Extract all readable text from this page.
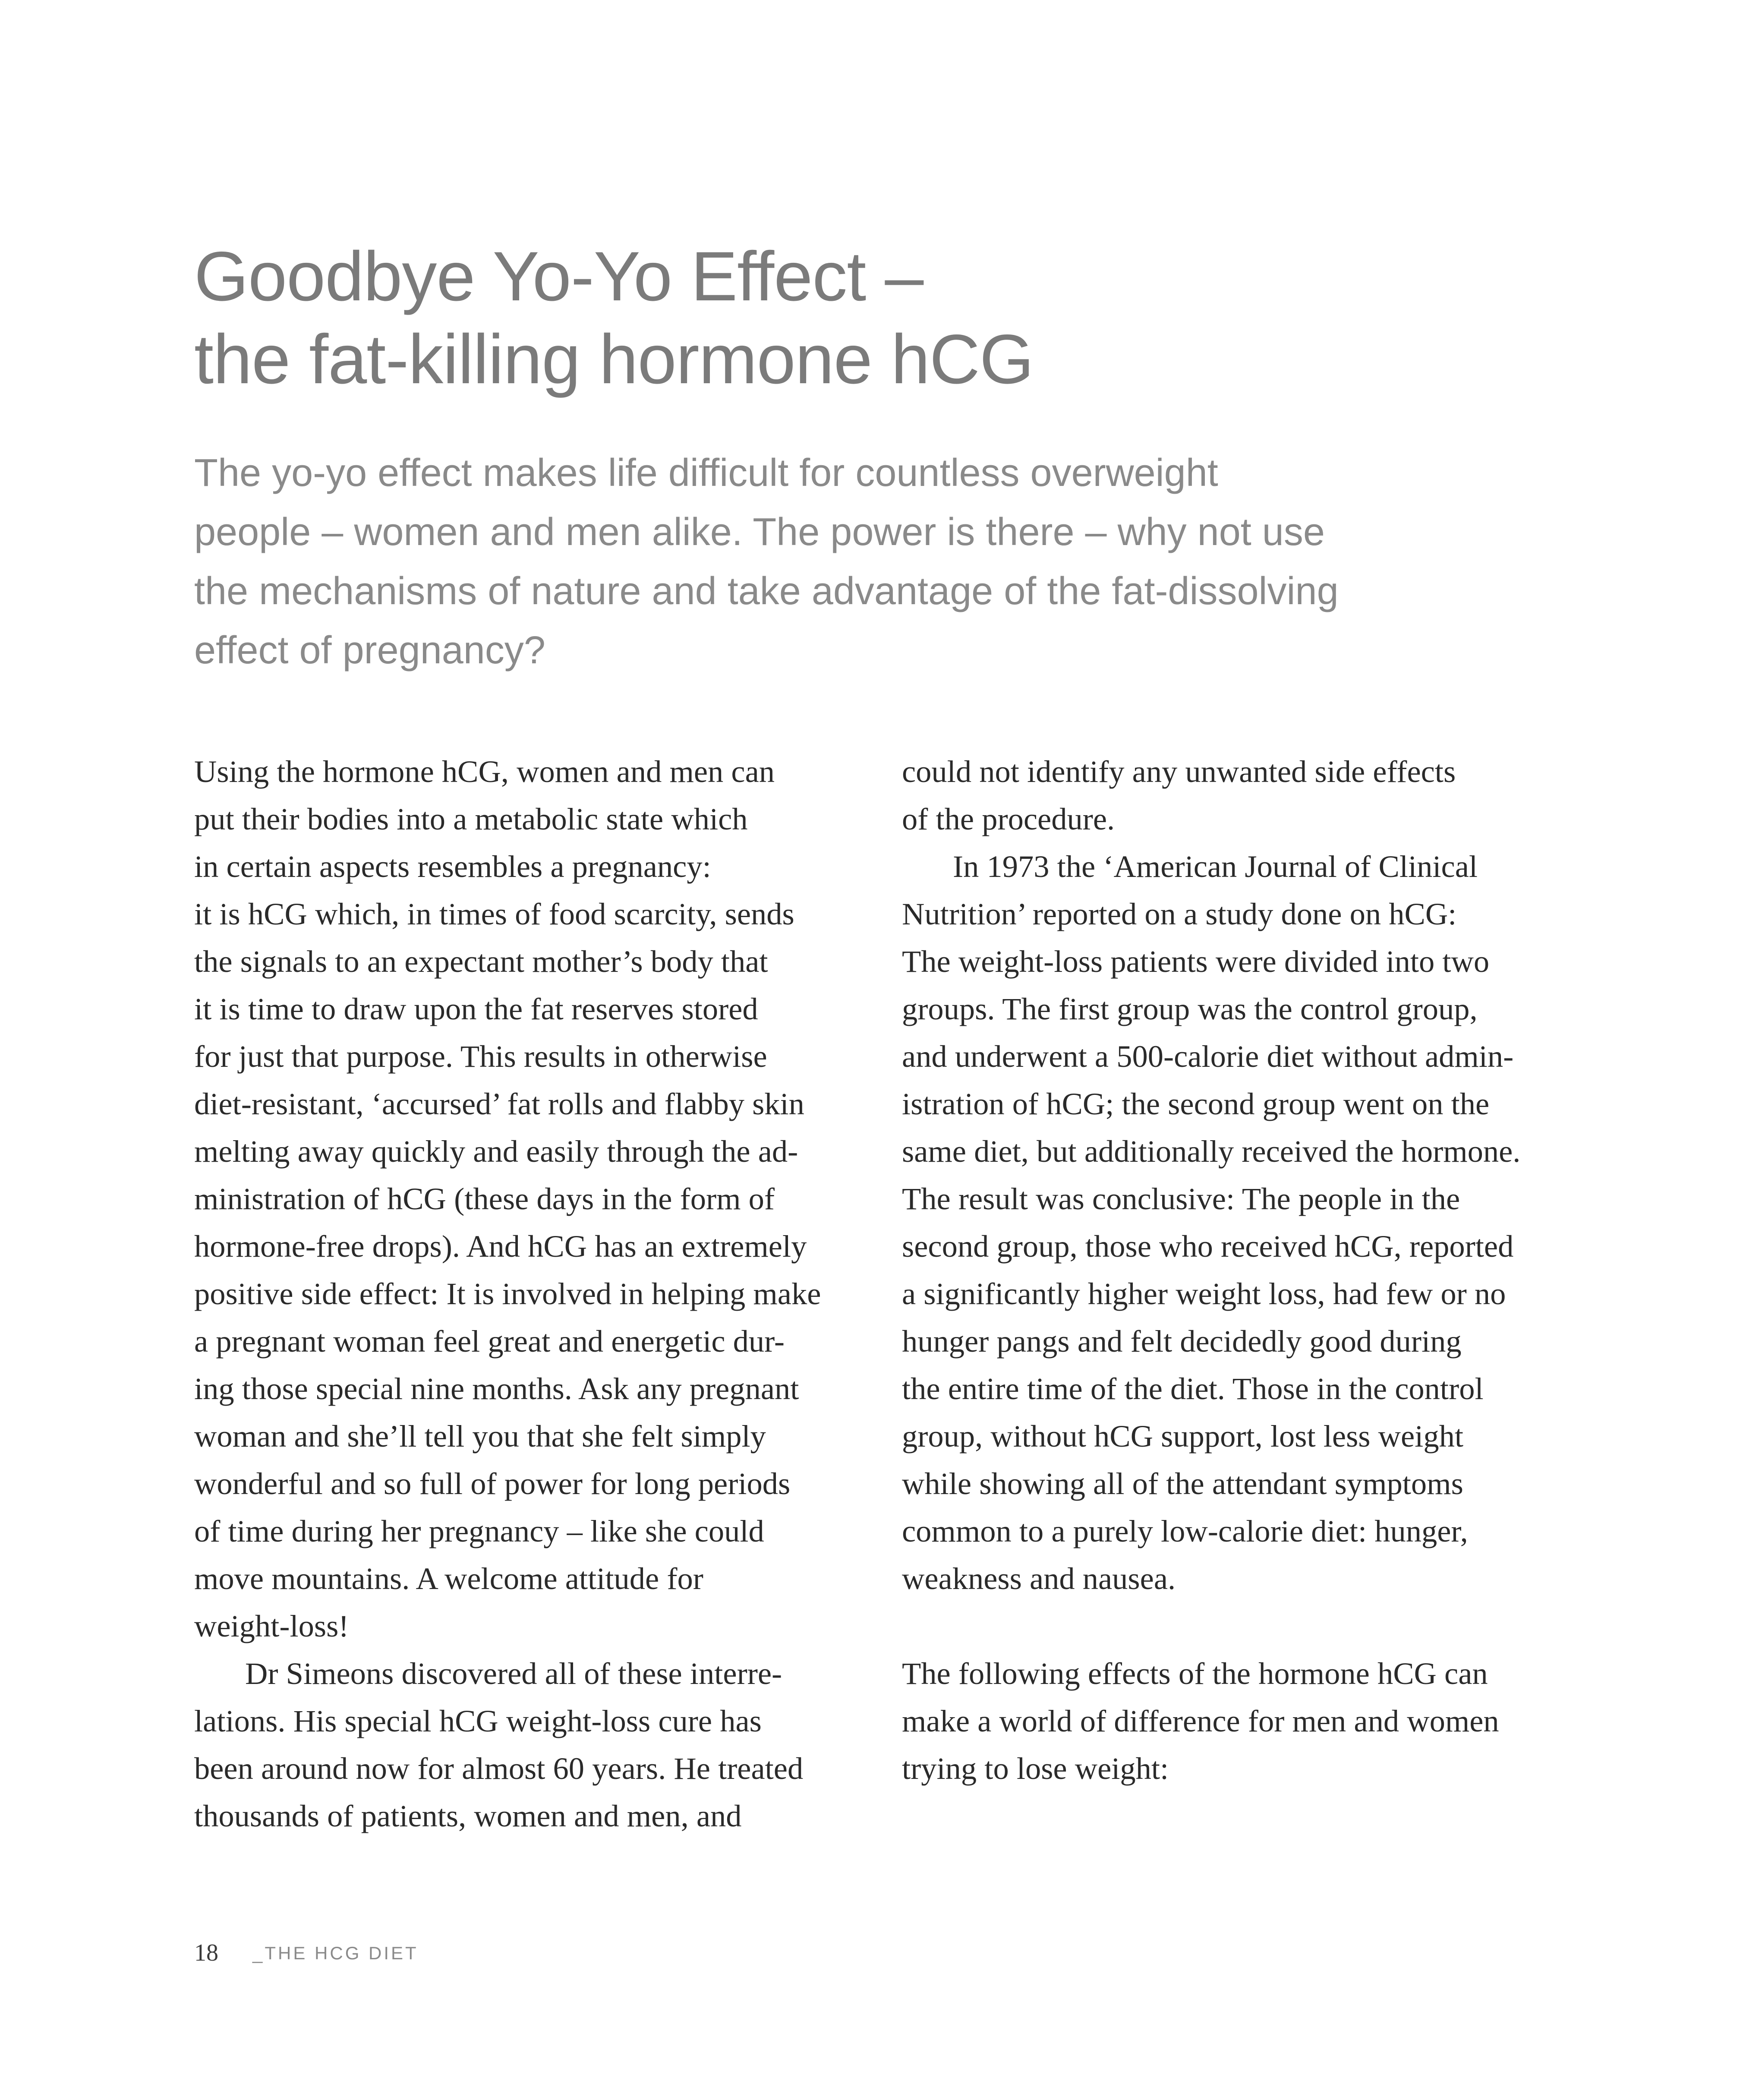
Goodbye Yo-Yo Effect –
the fat-killing hormone hCG
The yo-yo effect makes life difficult for countless overweight
people – women and men alike. The power is there – why not use
the mechanisms of nature and take advantage of the fat-dissolving
effect of pregnancy?
Using the hormone hCG, women and men can
put their bodies into a metabolic state which
in certain aspects resembles a pregnancy:
it is hCG which, in times of food scarcity, sends
the signals to an expectant mother’s body that
it is time to draw upon the fat reserves stored
for just that purpose. This results in otherwise
diet-resistant, ‘accursed’ fat rolls and flabby skin
melting away quickly and easily through the ad-
ministration of hCG (these days in the form of
hormone-free drops). And hCG has an extremely
positive side effect: It is involved in helping make
a pregnant woman feel great and energetic dur-
ing those special nine months. Ask any pregnant
woman and she’ll tell you that she felt simply
wonderful and so full of power for long periods
of time during her pregnancy – like she could
move mountains. A welcome attitude for
weight-loss!
Dr Simeons discovered all of these interre-
lations. His special hCG weight-loss cure has
been around now for almost 60 years. He treated
thousands of patients, women and men, and
could not identify any unwanted side effects
of the procedure.
In 1973 the ‘American Journal of Clinical
Nutrition’ reported on a study done on hCG:
The weight-loss patients were divided into two
groups. The first group was the control group,
and underwent a 500-calorie diet without admin-
istration of hCG; the second group went on the
same diet, but additionally received the hormone.
The result was conclusive: The people in the
second group, those who received hCG, reported
a significantly higher weight loss, had few or no
hunger pangs and felt decidedly good during
the entire time of the diet. Those in the control
group, without hCG support, lost less weight
while showing all of the attendant symptoms
common to a purely low-calorie diet: hunger,
weakness and nausea.
The following effects of the hormone hCG can
make a world of difference for men and women
trying to lose weight:
18 _THE HCG DIET
